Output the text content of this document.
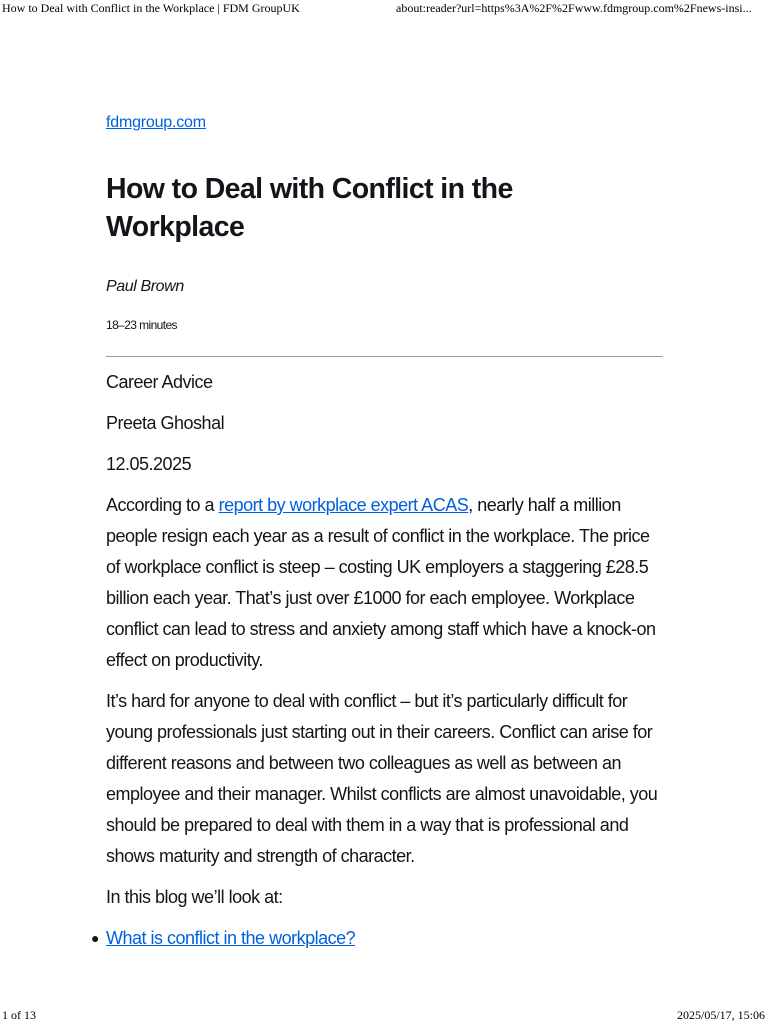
How to Deal with Conflict in the Workplace | FDM GroupUK	about:reader?url=https%3A%2F%2Fwww.fdmgroup.com%2Fnews-insi...
fdmgroup.com
How to Deal with Conflict in the Workplace
Paul Brown
18–23 minutes

Career Advice

Preeta Ghoshal

12.05.2025

According to a report by workplace expert ACAS, nearly half a million people resign each year as a result of conflict in the workplace. The price of workplace conflict is steep – costing UK employers a staggering £28.5 billion each year. That’s just over £1000 for each employee. Workplace conflict can lead to stress and anxiety among staff which have a knock-on effect on productivity.

It’s hard for anyone to deal with conflict – but it’s particularly difficult for young professionals just starting out in their careers. Conflict can arise for different reasons and between two colleagues as well as between an employee and their manager. Whilst conflicts are almost unavoidable, you should be prepared to deal with them in a way that is professional and shows maturity and strength of character.

In this blog we’ll look at:

● What is conflict in the workplace?
1 of 13	2025/05/17, 15:06
